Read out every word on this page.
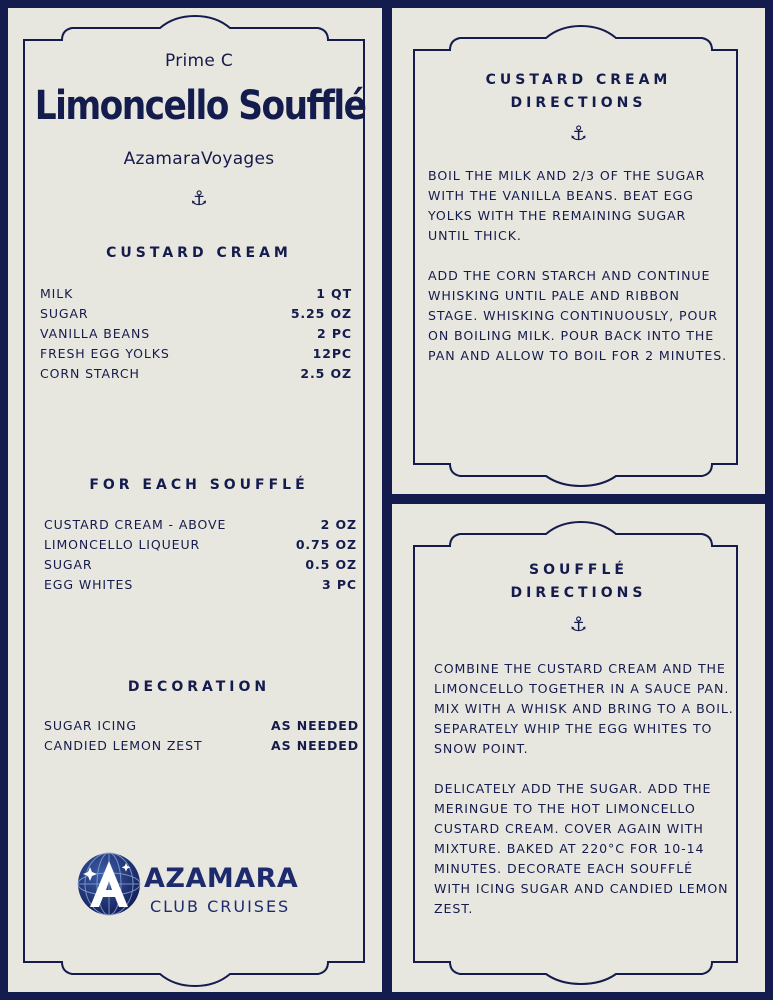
Prime C
Limoncello Soufflé
AzamaraVoyages
⚓
CUSTARD CREAM
MILK	1 QT
SUGAR	5.25 OZ
VANILLA BEANS	2 PC
FRESH EGG YOLKS	12PC
CORN STARCH	2.5 OZ
FOR EACH SOUFFLÉ
CUSTARD CREAM - ABOVE	2 OZ
LIMONCELLO LIQUEUR	0.75 OZ
SUGAR	0.5 OZ
EGG WHITES	3 PC
DECORATION
SUGAR ICING	AS NEEDED
CANDIED LEMON ZEST	AS NEEDED
AZAMARA
CLUB CRUISES
CUSTARD CREAM
DIRECTIONS
⚓

BOIL THE MILK AND 2/3 OF THE SUGAR WITH THE VANILLA BEANS. BEAT EGG YOLKS WITH THE REMAINING SUGAR UNTIL THICK.

ADD THE CORN STARCH AND CONTINUE WHISKING UNTIL PALE AND RIBBON STAGE. WHISKING CONTINUOUSLY, POUR ON BOILING MILK. POUR BACK INTO THE PAN AND ALLOW TO BOIL FOR 2 MINUTES.

SOUFFLÉ
DIRECTIONS
⚓

COMBINE THE CUSTARD CREAM AND THE LIMONCELLO TOGETHER IN A SAUCE PAN. MIX WITH A WHISK AND BRING TO A BOIL. SEPARATELY WHIP THE EGG WHITES TO SNOW POINT.

DELICATELY ADD THE SUGAR. ADD THE MERINGUE TO THE HOT LIMONCELLO CUSTARD CREAM. COVER AGAIN WITH MIXTURE. BAKED AT 220°C FOR 10-14 MINUTES. DECORATE EACH SOUFFLÉ WITH ICING SUGAR AND CANDIED LEMON ZEST.
